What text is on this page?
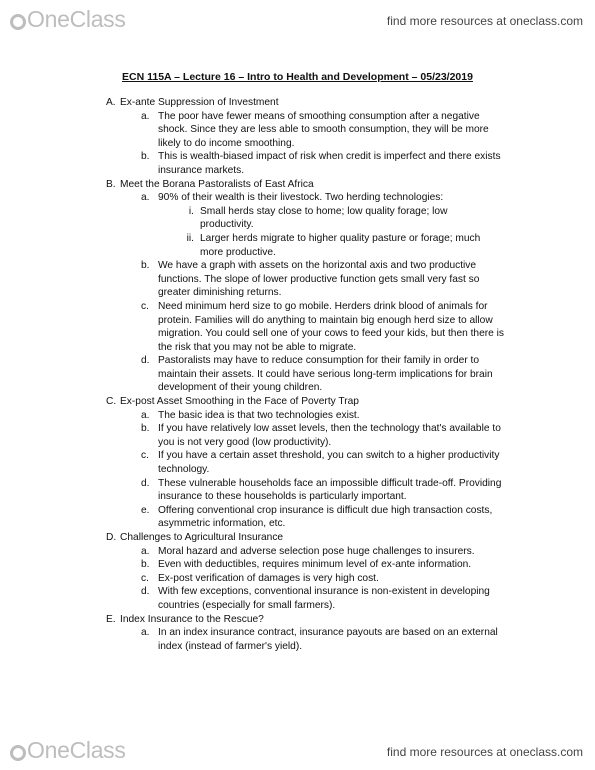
OneClass	find more resources at oneclass.com
ECN 115A – Lecture 16 – Intro to Health and Development – 05/23/2019

A. Ex-ante Suppression of Investment

a. The poor have fewer means of smoothing consumption after a negative shock. Since they are less able to smooth consumption, they will be more likely to do income smoothing.

b. This is wealth-biased impact of risk when credit is imperfect and there exists insurance markets.

B. Meet the Borana Pastoralists of East Africa

a. 90% of their wealth is their livestock. Two herding technologies:

i. Small herds stay close to home; low quality forage; low productivity.

ii. Larger herds migrate to higher quality pasture or forage; much more productive.

b. We have a graph with assets on the horizontal axis and two productive functions. The slope of lower productive function gets small very fast so greater diminishing returns.

c. Need minimum herd size to go mobile. Herders drink blood of animals for protein. Families will do anything to maintain big enough herd size to allow migration. You could sell one of your cows to feed your kids, but then there is the risk that you may not be able to migrate.

d. Pastoralists may have to reduce consumption for their family in order to maintain their assets. It could have serious long-term implications for brain development of their young children.

C. Ex-post Asset Smoothing in the Face of Poverty Trap

a. The basic idea is that two technologies exist.

b. If you have relatively low asset levels, then the technology that's available to you is not very good (low productivity).

c. If you have a certain asset threshold, you can switch to a higher productivity technology.

d. These vulnerable households face an impossible difficult trade-off. Providing insurance to these households is particularly important.

e. Offering conventional crop insurance is difficult due high transaction costs, asymmetric information, etc.

D. Challenges to Agricultural Insurance

a. Moral hazard and adverse selection pose huge challenges to insurers.

b. Even with deductibles, requires minimum level of ex-ante information.

c. Ex-post verification of damages is very high cost.

d. With few exceptions, conventional insurance is non-existent in developing countries (especially for small farmers).

E. Index Insurance to the Rescue?

a. In an index insurance contract, insurance payouts are based on an external index (instead of farmer's yield).

OneClass	find more resources at oneclass.com
